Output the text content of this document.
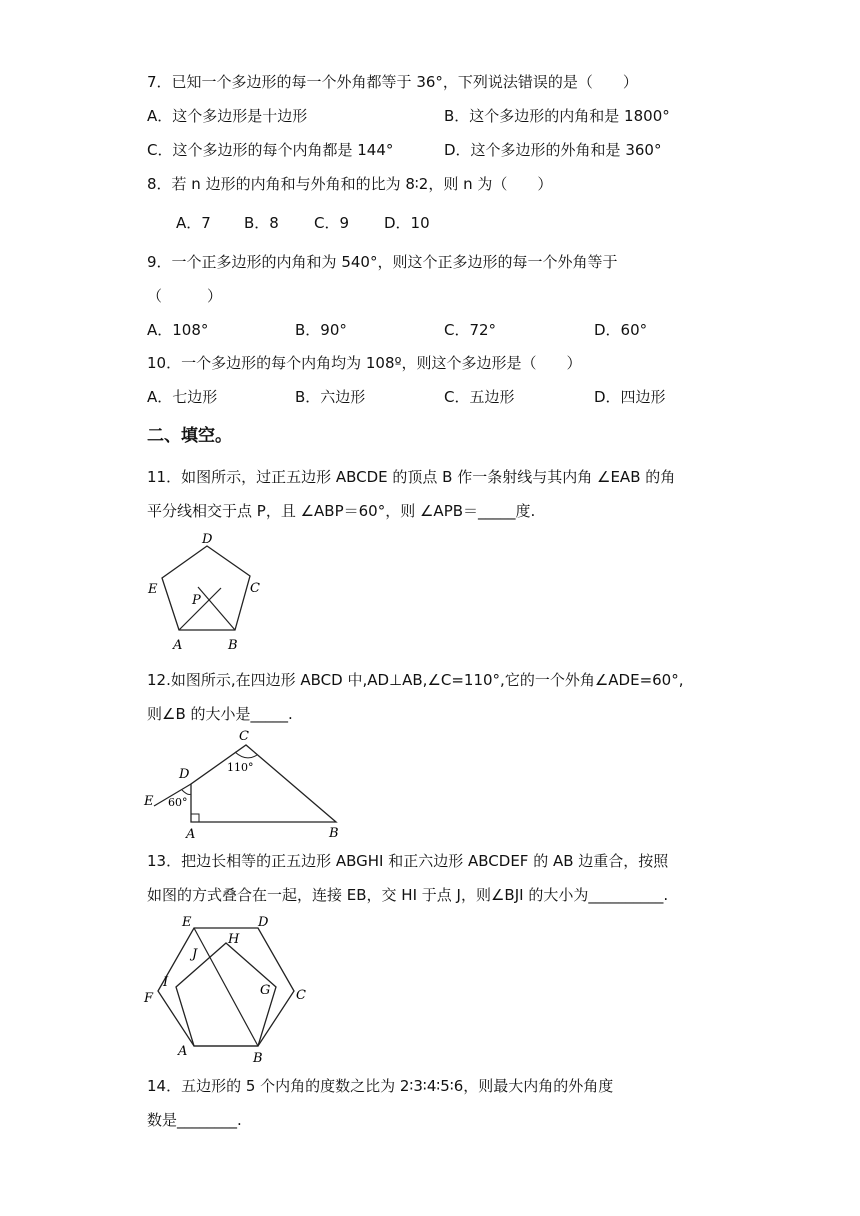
7．已知一个多边形的每一个外角都等于 36°，下列说法错误的是（　　）
A．这个多边形是十边形	B．这个多边形的内角和是 1800°
C．这个多边形的每个内角都是 144°	D．这个多边形的外角和是 360°
8．若 n 边形的内角和与外角和的比为 8∶2，则 n 为（　　）
A．7 B．8 C．9 D．10
9．一个正多边形的内角和为 540°，则这个正多边形的每一个外角等于
（　　　）
A．108°	B．90°	C．72°	D．60°
10．一个多边形的每个内角均为 108º，则这个多边形是（　　）
A．七边形	B．六边形	C．五边形	D．四边形
二、填空。
11．如图所示，过正五边形 ABCDE 的顶点 B 作一条射线与其内角 ∠EAB 的角
平分线相交于点 P，且 ∠ABP＝60°，则 ∠APB＝_____度.
D
E	C
P
A	B
12.如图所示,在四边形 ABCD 中,AD⊥AB,∠C=110°,它的一个外角∠ADE=60°,
则∠B 的大小是_____.
C
D
E
A	B
110°
60°
13．把边长相等的正五边形 ABGHI 和正六边形 ABCDEF 的 AB 边重合，按照
如图的方式叠合在一起，连接 EB，交 HI 于点 J，则∠BJI 的大小为__________.
E	D
H
J
I
F
G C
A	B
14．五边形的 5 个内角的度数之比为 2∶3∶4∶5∶6，则最大内角的外角度
数是________.
